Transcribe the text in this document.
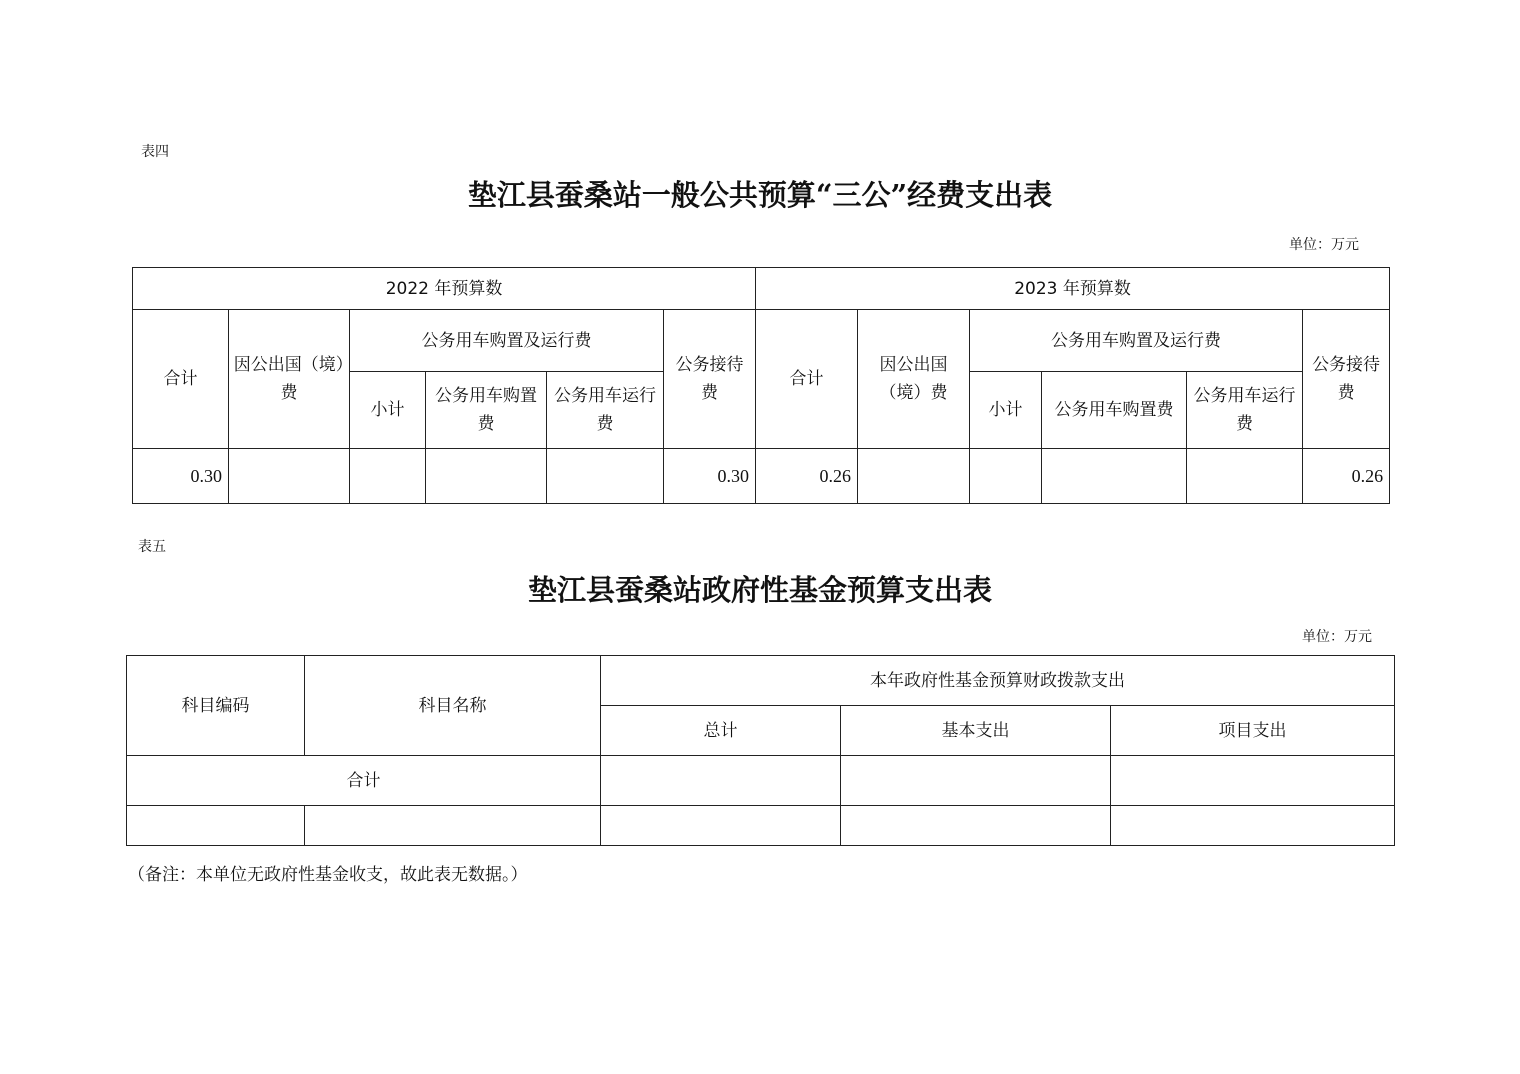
表四
垫江县蚕桑站一般公共预算“三公”经费支出表
单位：万元
2022 年预算数						2023 年预算数					
合计	因公出国（境）费	公务用车购置及运行费			公务接待费	合计	因公出国（境）费	公务用车购置及运行费			公务接待费
		小计	公务用车购置费	公务用车运行费				小计	公务用车购置费	公务用车运行费	
0.30					0.30	0.26					0.26
表五
垫江县蚕桑站政府性基金预算支出表
单位：万元
科目编码	科目名称	本年政府性基金预算财政拨款支出		
		总计	基本支出	项目支出
合计				

（备注：本单位无政府性基金收支，故此表无数据。）
